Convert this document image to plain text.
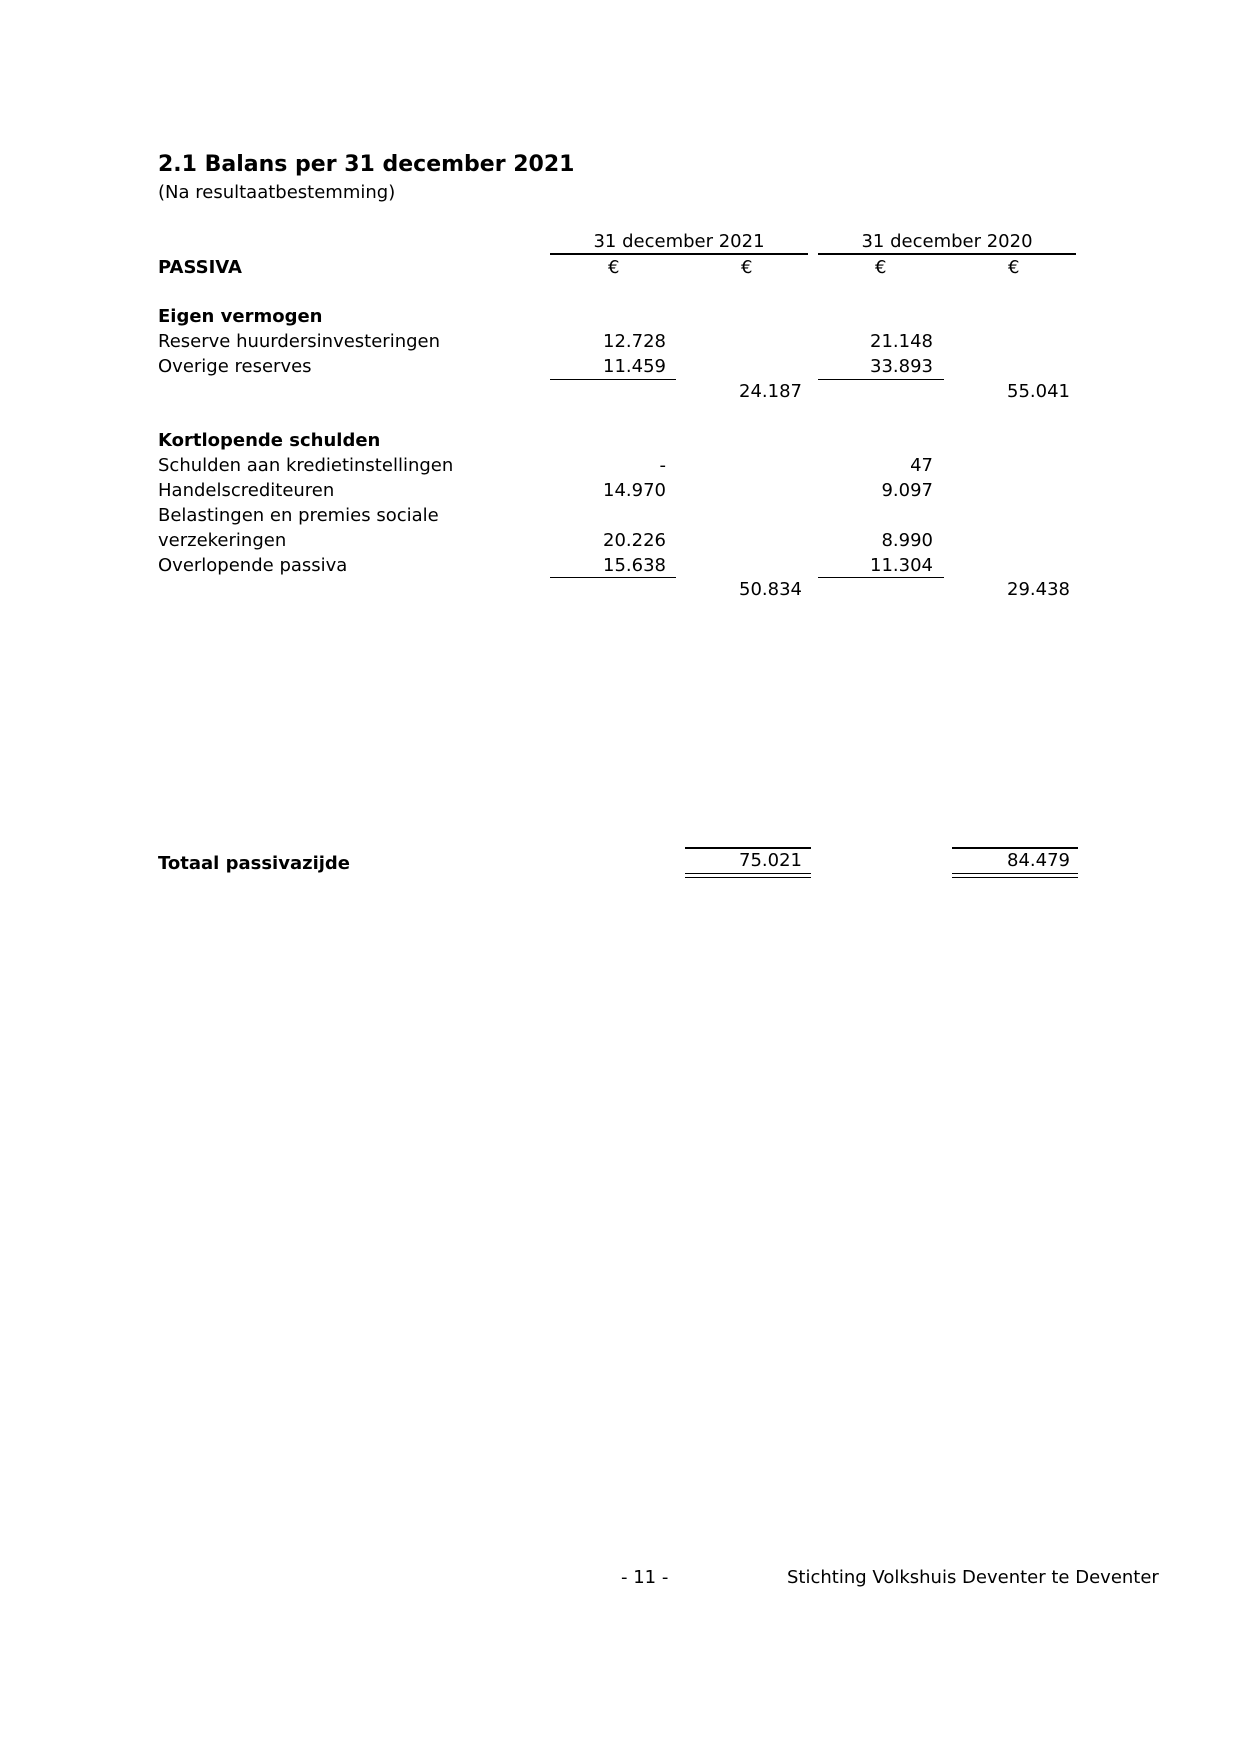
2.1 Balans per 31 december 2021
(Na resultaatbestemming)
31 december 2021	31 december 2020
PASSIVA	€	€	€	€
Eigen vermogen
Reserve huurdersinvesteringen	12.728	21.148
Overige reserves	11.459	33.893
24.187	55.041
Kortlopende schulden
Schulden aan kredietinstellingen	-	47
Handelscrediteuren	14.970	9.097
Belastingen en premies sociale
verzekeringen	20.226	8.990
Overlopende passiva	15.638	11.304
50.834	29.438
Totaal passivazijde	75.021	84.479
- 11 -	Stichting Volkshuis Deventer te Deventer
